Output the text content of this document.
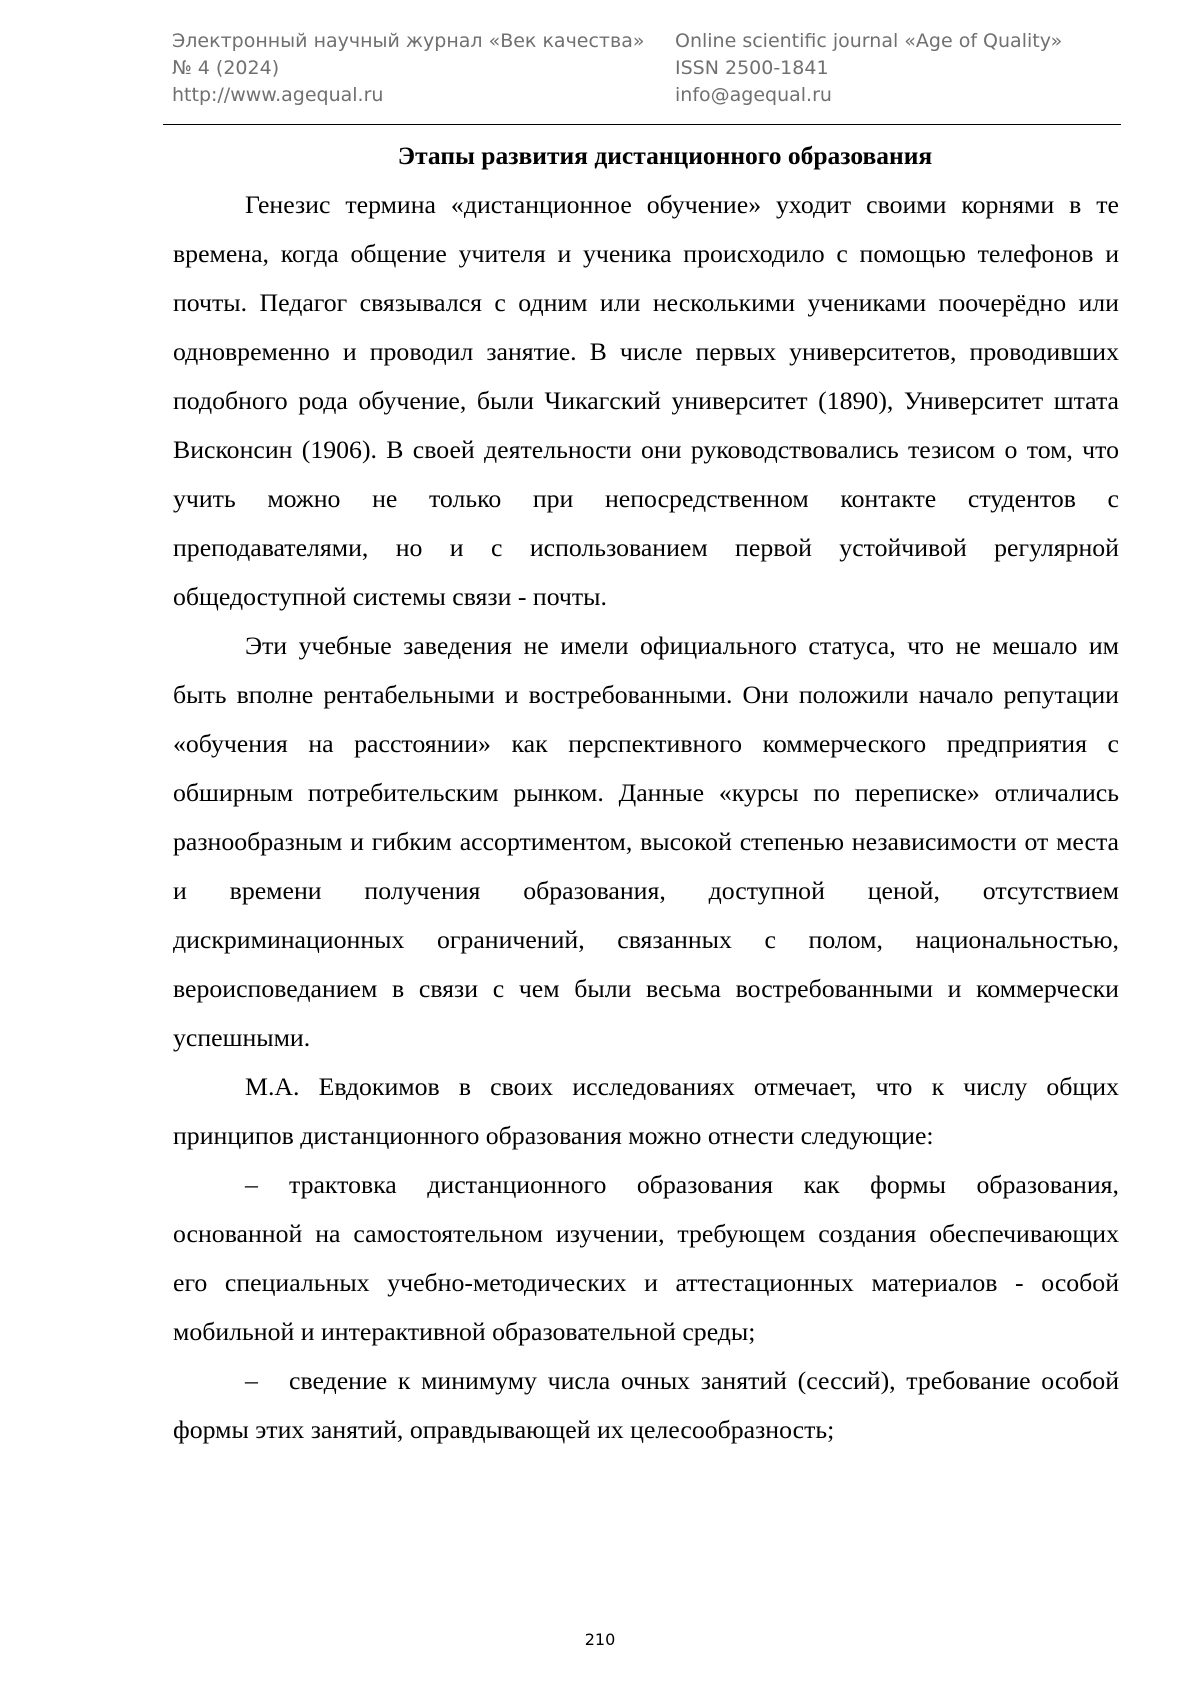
Электронный научный журнал «Век качества»
№ 4 (2024)
http://www.agequal.ru
Online scientific journal «Age of Quality»
ISSN 2500-1841
info@agequal.ru
Этапы развития дистанционного образования

Генезис термина «дистанционное обучение» уходит своими корнями в те времена, когда общение учителя и ученика происходило с помощью телефонов и почты. Педагог связывался с одним или несколькими учениками поочерёдно или одновременно и проводил занятие. В числе первых университетов, проводивших подобного рода обучение, были Чикагский университет (1890), Университет штата Висконсин (1906). В своей деятельности они руководствовались тезисом о том, что учить можно не только при непосредственном контакте студентов с преподавателями, но и с использованием первой устойчивой регулярной общедоступной системы связи - почты.

Эти учебные заведения не имели официального статуса, что не мешало им быть вполне рентабельными и востребованными. Они положили начало репутации «обучения на расстоянии» как перспективного коммерческого предприятия с обширным потребительским рынком. Данные «курсы по переписке» отличались разнообразным и гибким ассортиментом, высокой степенью независимости от места и времени получения образования, доступной ценой, отсутствием дискриминационных ограничений, связанных с полом, национальностью, вероисповеданием в связи с чем были весьма востребованными и коммерчески успешными.

М.А. Евдокимов в своих исследованиях отмечает, что к числу общих принципов дистанционного образования можно отнести следующие:

– трактовка дистанционного образования как формы образования, основанной на самостоятельном изучении, требующем создания обеспечивающих его специальных учебно-методических и аттестационных материалов - особой мобильной и интерактивной образовательной среды;

– сведение к минимуму числа очных занятий (сессий), требование особой формы этих занятий, оправдывающей их целесообразность;

210
